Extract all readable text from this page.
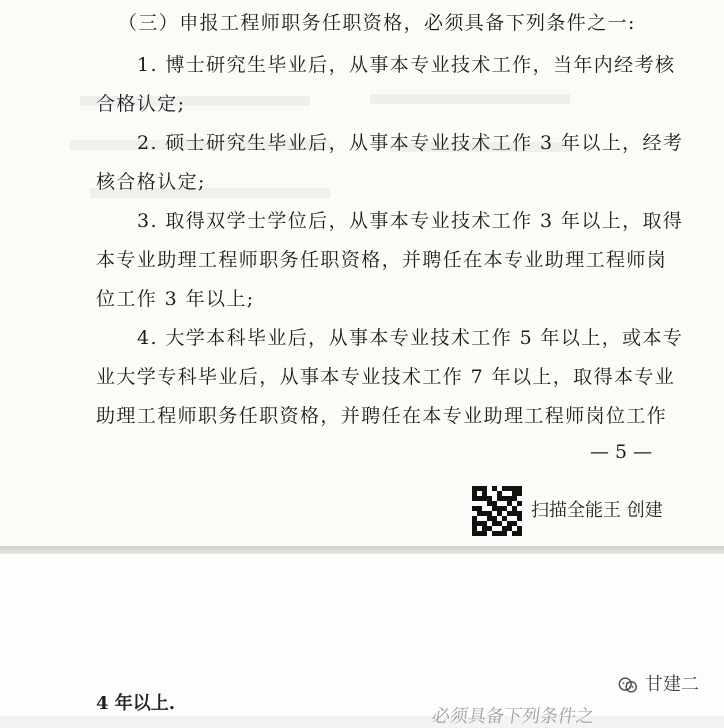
（三）申报工程师职务任职资格，必须具备下列条件之一:
1. 博士研究生毕业后，从事本专业技术工作，当年内经考核
合格认定;
2. 硕士研究生毕业后，从事本专业技术工作 3 年以上，经考
核合格认定;
3. 取得双学士学位后，从事本专业技术工作 3 年以上，取得
本专业助理工程师职务任职资格，并聘任在本专业助理工程师岗
位工作 3 年以上;
4. 大学本科毕业后，从事本专业技术工作 5 年以上，或本专
业大学专科毕业后，从事本专业技术工作 7 年以上，取得本专业
助理工程师职务任职资格，并聘任在本专业助理工程师岗位工作
— 5 —
扫描全能王 创建
4 年以上.
必须具备下列条件之
甘建二
